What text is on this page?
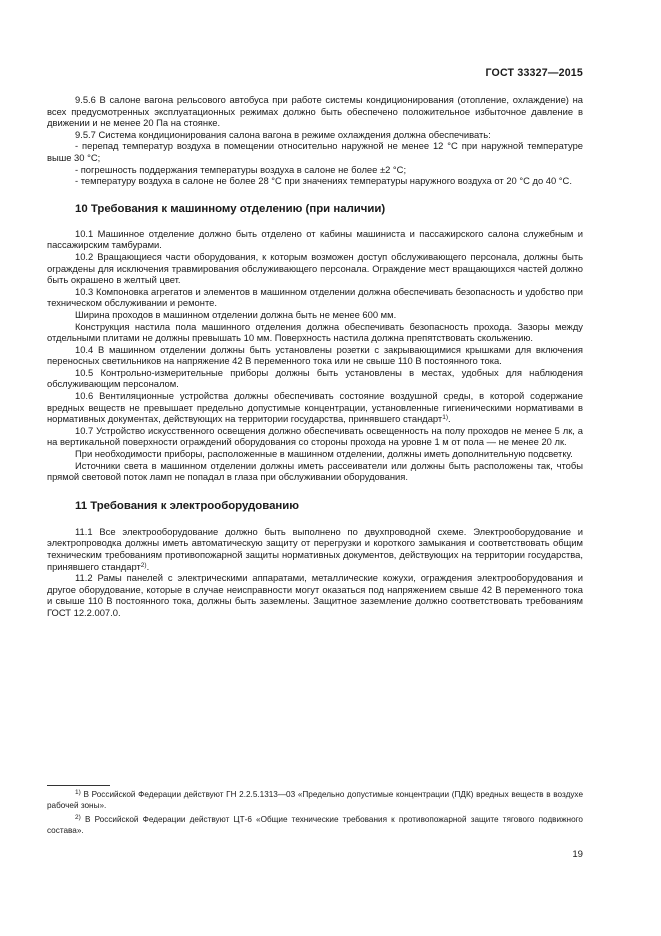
ГОСТ 33327—2015

9.5.6 В салоне вагона рельсового автобуса при работе системы кондиционирования (отопление, охлаждение) на всех предусмотренных эксплуатационных режимах должно быть обеспечено положительное избыточное давление в движении и не менее 20 Па на стоянке.

9.5.7 Система кондиционирования салона вагона в режиме охлаждения должна обеспечивать:

- перепад температур воздуха в помещении относительно наружной не менее 12 °С при наружной температуре выше 30 °С;

- погрешность поддержания температуры воздуха в салоне не более ±2 °С;

- температуру воздуха в салоне не более 28 °С при значениях температуры наружного воздуха от 20 °С до 40 °С.

10 Требования к машинному отделению (при наличии)

10.1 Машинное отделение должно быть отделено от кабины машиниста и пассажирского салона служебным и пассажирским тамбурами.

10.2 Вращающиеся части оборудования, к которым возможен доступ обслуживающего персонала, должны быть ограждены для исключения травмирования обслуживающего персонала. Ограждение мест вращающихся частей должно быть окрашено в желтый цвет.

10.3 Компоновка агрегатов и элементов в машинном отделении должна обеспечивать безопасность и удобство при техническом обслуживании и ремонте.

Ширина проходов в машинном отделении должна быть не менее 600 мм.

Конструкция настила пола машинного отделения должна обеспечивать безопасность прохода. Зазоры между отдельными плитами не должны превышать 10 мм. Поверхность настила должна препятствовать скольжению.

10.4 В машинном отделении должны быть установлены розетки с закрывающимися крышками для включения переносных светильников на напряжение 42 В переменного тока или не свыше 110 В постоянного тока.

10.5 Контрольно-измерительные приборы должны быть установлены в местах, удобных для наблюдения обслуживающим персоналом.

10.6 Вентиляционные устройства должны обеспечивать состояние воздушной среды, в которой содержание вредных веществ не превышает предельно допустимые концентрации, установленные гигиеническими нормативами в нормативных документах, действующих на территории государства, принявшего стандарт$^{1)}$.

10.7 Устройство искусственного освещения должно обеспечивать освещенность на полу проходов не менее 5 лк, а на вертикальной поверхности ограждений оборудования со стороны прохода на уровне 1 м от пола — не менее 20 лк.

При необходимости приборы, расположенные в машинном отделении, должны иметь дополнительную подсветку.

Источники света в машинном отделении должны иметь рассеиватели или должны быть расположены так, чтобы прямой световой поток ламп не попадал в глаза при обслуживании оборудования.

11 Требования к электрооборудованию

11.1 Все электрооборудование должно быть выполнено по двухпроводной схеме. Электрооборудование и электропроводка должны иметь автоматическую защиту от перегрузки и короткого замыкания и соответствовать общим техническим требованиям противопожарной защиты нормативных документов, действующих на территории государства, принявшего стандарт$^{2)}$.

11.2 Рамы панелей с электрическими аппаратами, металлические кожухи, ограждения электрооборудования и другое оборудование, которые в случае неисправности могут оказаться под напряжением свыше 42 В переменного тока и свыше 110 В постоянного тока, должны быть заземлены. Защитное заземление должно соответствовать требованиям ГОСТ 12.2.007.0.

$^{1)}$ В Российской Федерации действуют ГН 2.2.5.1313—03 «Предельно допустимые концентрации (ПДК) вредных веществ в воздухе рабочей зоны».

$^{2)}$ В Российской Федерации действуют ЦТ-6 «Общие технические требования к противопожарной защите тягового подвижного состава».

19
